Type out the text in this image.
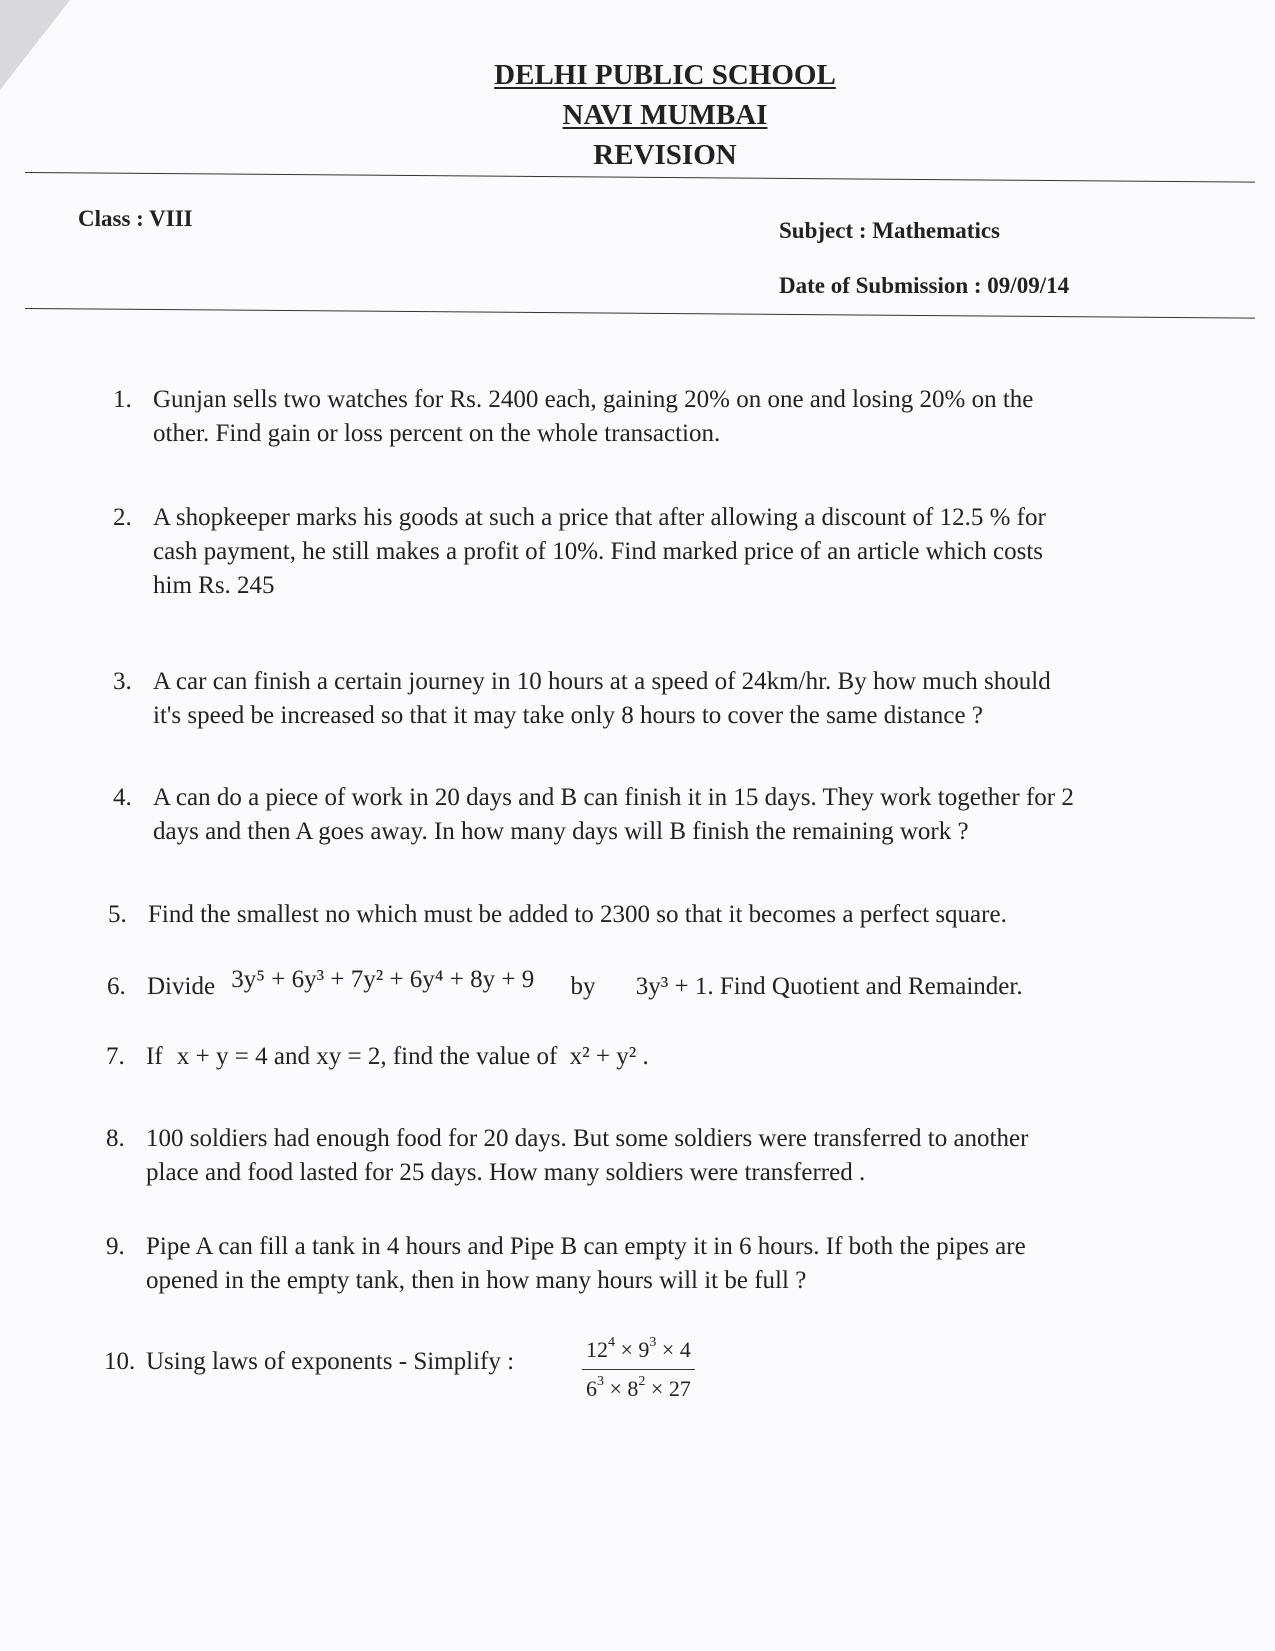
DELHI PUBLIC SCHOOL
NAVI MUMBAI
REVISION
Class : VIII	Subject : Mathematics
Date of Submission : 09/09/14
1. Gunjan sells two watches for Rs. 2400 each, gaining 20% on one and losing 20% on the
other. Find gain or loss percent on the whole transaction.
2. A shopkeeper marks his goods at such a price that after allowing a discount of 12.5 % for
cash payment, he still makes a profit of 10%. Find marked price of an article which costs
him Rs. 245
3. A car can finish a certain journey in 10 hours at a speed of 24km/hr. By how much should
it's speed be increased so that it may take only 8 hours to cover the same distance ?
4. A can do a piece of work in 20 days and B can finish it in 15 days. They work together for 2
days and then A goes away. In how many days will B finish the remaining work ?
5. Find the smallest no which must be added to 2300 so that it becomes a perfect square.
6. Divide 3y⁵ + 6y³ + 7y² + 6y⁴ + 8y + 9 by 3y³ + 1. Find Quotient and Remainder.
7. If x + y = 4 and xy = 2, find the value of x² + y² .
8. 100 soldiers had enough food for 20 days. But some soldiers were transferred to another
place and food lasted for 25 days. How many soldiers were transferred .
9. Pipe A can fill a tank in 4 hours and Pipe B can empty it in 6 hours. If both the pipes are
opened in the empty tank, then in how many hours will it be full ?
10. Using laws of exponents - Simplify :	$12^4 \times 9^3 \times 4$
$6^3 \times 8^2 \times 27$
